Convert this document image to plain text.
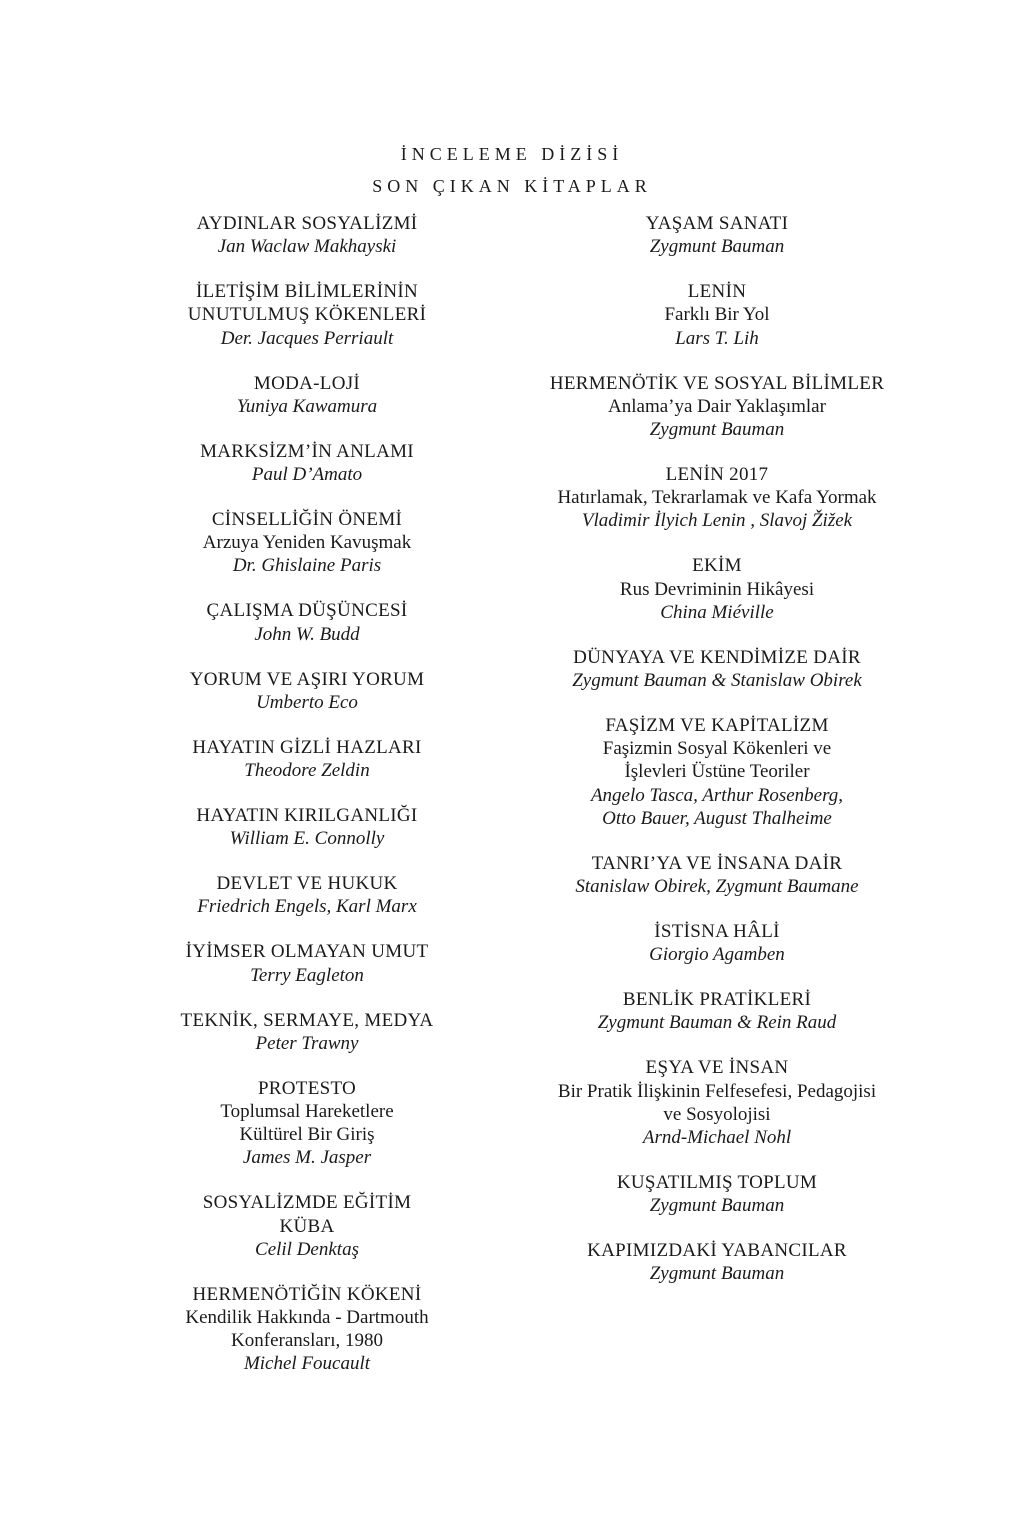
İNCELEME DİZİSİ
SON ÇIKAN KİTAPLAR
AYDINLAR SOSYALİZMİ
Jan Waclaw Makhayski
İLETİŞİM BİLİMLERİNİN
UNUTULMUŞ KÖKENLERİ
Der. Jacques Perriault
MODA-LOJİ
Yuniya Kawamura
MARKSİZM’İN ANLAMI
Paul D’Amato
CİNSELLİĞİN ÖNEMİ
Arzuya Yeniden Kavuşmak
Dr. Ghislaine Paris
ÇALIŞMA DÜŞÜNCESİ
John W. Budd
YORUM VE AŞIRI YORUM
Umberto Eco
HAYATIN GİZLİ HAZLARI
Theodore Zeldin
HAYATIN KIRILGANLIĞI
William E. Connolly
DEVLET VE HUKUK
Friedrich Engels, Karl Marx
İYİMSER OLMAYAN UMUT
Terry Eagleton
TEKNİK, SERMAYE, MEDYA
Peter Trawny
PROTESTO
Toplumsal Hareketlere
Kültürel Bir Giriş
James M. Jasper
SOSYALİZMDE EĞİTİM
KÜBA
Celil Denktaş
HERMENÖTİĞİN KÖKENİ
Kendilik Hakkında - Dartmouth
Konferansları, 1980
Michel Foucault
YAŞAM SANATI
Zygmunt Bauman
LENİN
Farklı Bir Yol
Lars T. Lih
HERMENÖTİK VE SOSYAL BİLİMLER
Anlama’ya Dair Yaklaşımlar
Zygmunt Bauman
LENİN 2017
Hatırlamak, Tekrarlamak ve Kafa Yormak
Vladimir İlyich Lenin , Slavoj Žižek
EKİM
Rus Devriminin Hikâyesi
China Miéville
DÜNYAYA VE KENDİMİZE DAİR
Zygmunt Bauman & Stanislaw Obirek
FAŞİZM VE KAPİTALİZM
Faşizmin Sosyal Kökenleri ve
İşlevleri Üstüne Teoriler
Angelo Tasca, Arthur Rosenberg,
Otto Bauer, August Thalheime
TANRI’YA VE İNSANA DAİR
Stanislaw Obirek, Zygmunt Baumane
İSTİSNA HÂLİ
Giorgio Agamben
BENLİK PRATİKLERİ
Zygmunt Bauman & Rein Raud
EŞYA VE İNSAN
Bir Pratik İlişkinin Felfesefesi, Pedagojisi
ve Sosyolojisi
Arnd-Michael Nohl
KUŞATILMIŞ TOPLUM
Zygmunt Bauman
KAPIMIZDAKİ YABANCILAR
Zygmunt Bauman
